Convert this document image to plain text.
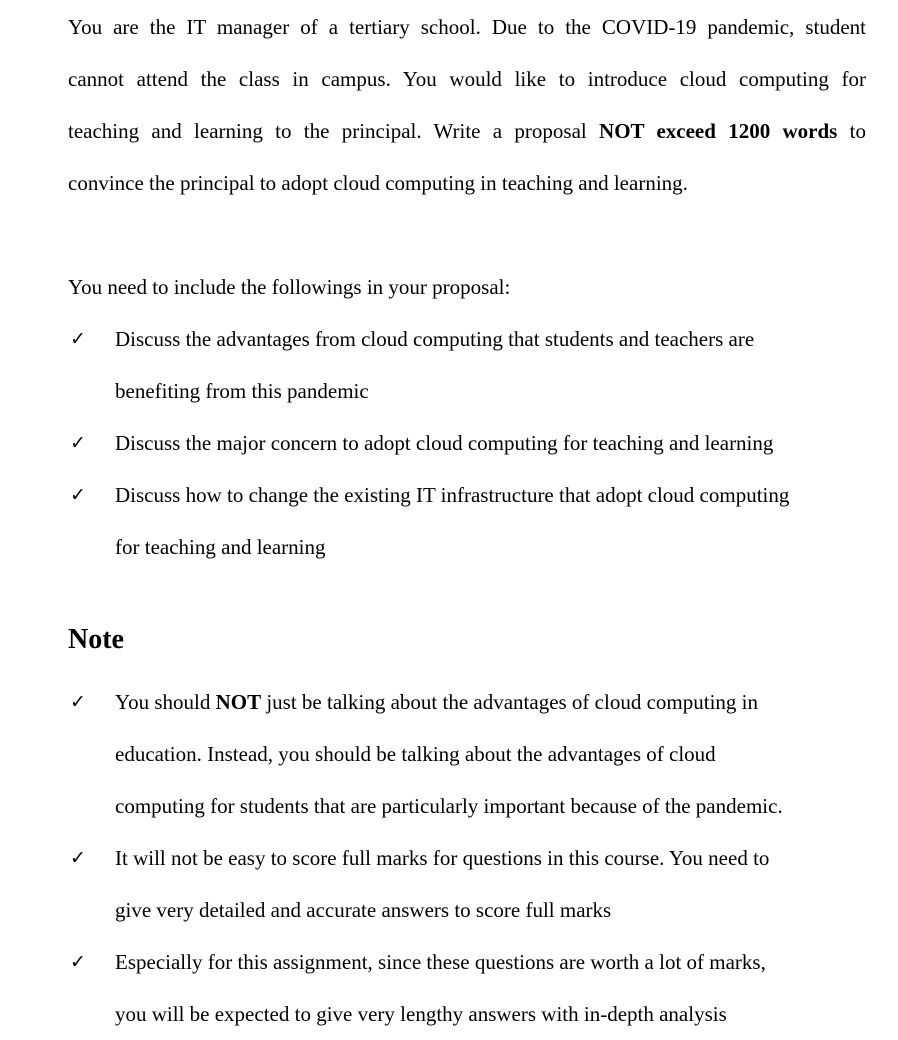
You are the IT manager of a tertiary school. Due to the COVID-19 pandemic, student
cannot attend the class in campus. You would like to introduce cloud computing for
teaching and learning to the principal. Write a proposal NOT exceed 1200 words to
convince the principal to adopt cloud computing in teaching and learning.
You need to include the followings in your proposal:
✓ Discuss the advantages from cloud computing that students and teachers are
benefiting from this pandemic
✓ Discuss the major concern to adopt cloud computing for teaching and learning
✓ Discuss how to change the existing IT infrastructure that adopt cloud computing
for teaching and learning
Note
✓ You should NOT just be talking about the advantages of cloud computing in
education. Instead, you should be talking about the advantages of cloud
computing for students that are particularly important because of the pandemic.
✓ It will not be easy to score full marks for questions in this course. You need to
give very detailed and accurate answers to score full marks
✓ Especially for this assignment, since these questions are worth a lot of marks,
you will be expected to give very lengthy answers with in-depth analysis
